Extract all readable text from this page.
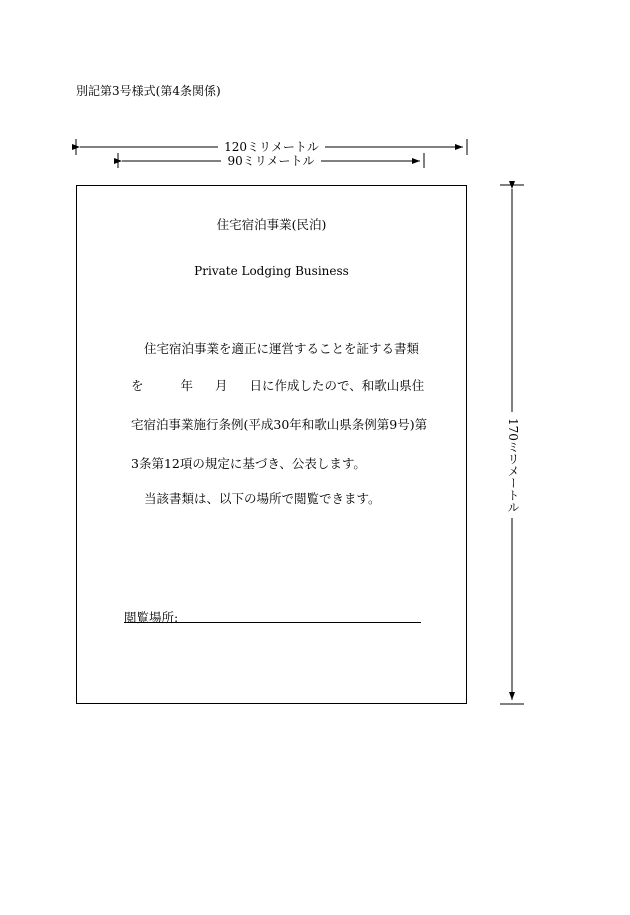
別記第3号様式(第4条関係)
120ミリメートル
90ミリメートル
170ミリメートル
住宅宿泊事業(民泊)
Private Lodging Business
住宅宿泊事業を適正に運営することを証する書類
を	年 月 日に作成したので、和歌山県住
宅宿泊事業施行条例(平成30年和歌山県条例第9号)第
3条第12項の規定に基づき、公表します。
当該書類は、以下の場所で閲覧できます。
閲覧場所:
